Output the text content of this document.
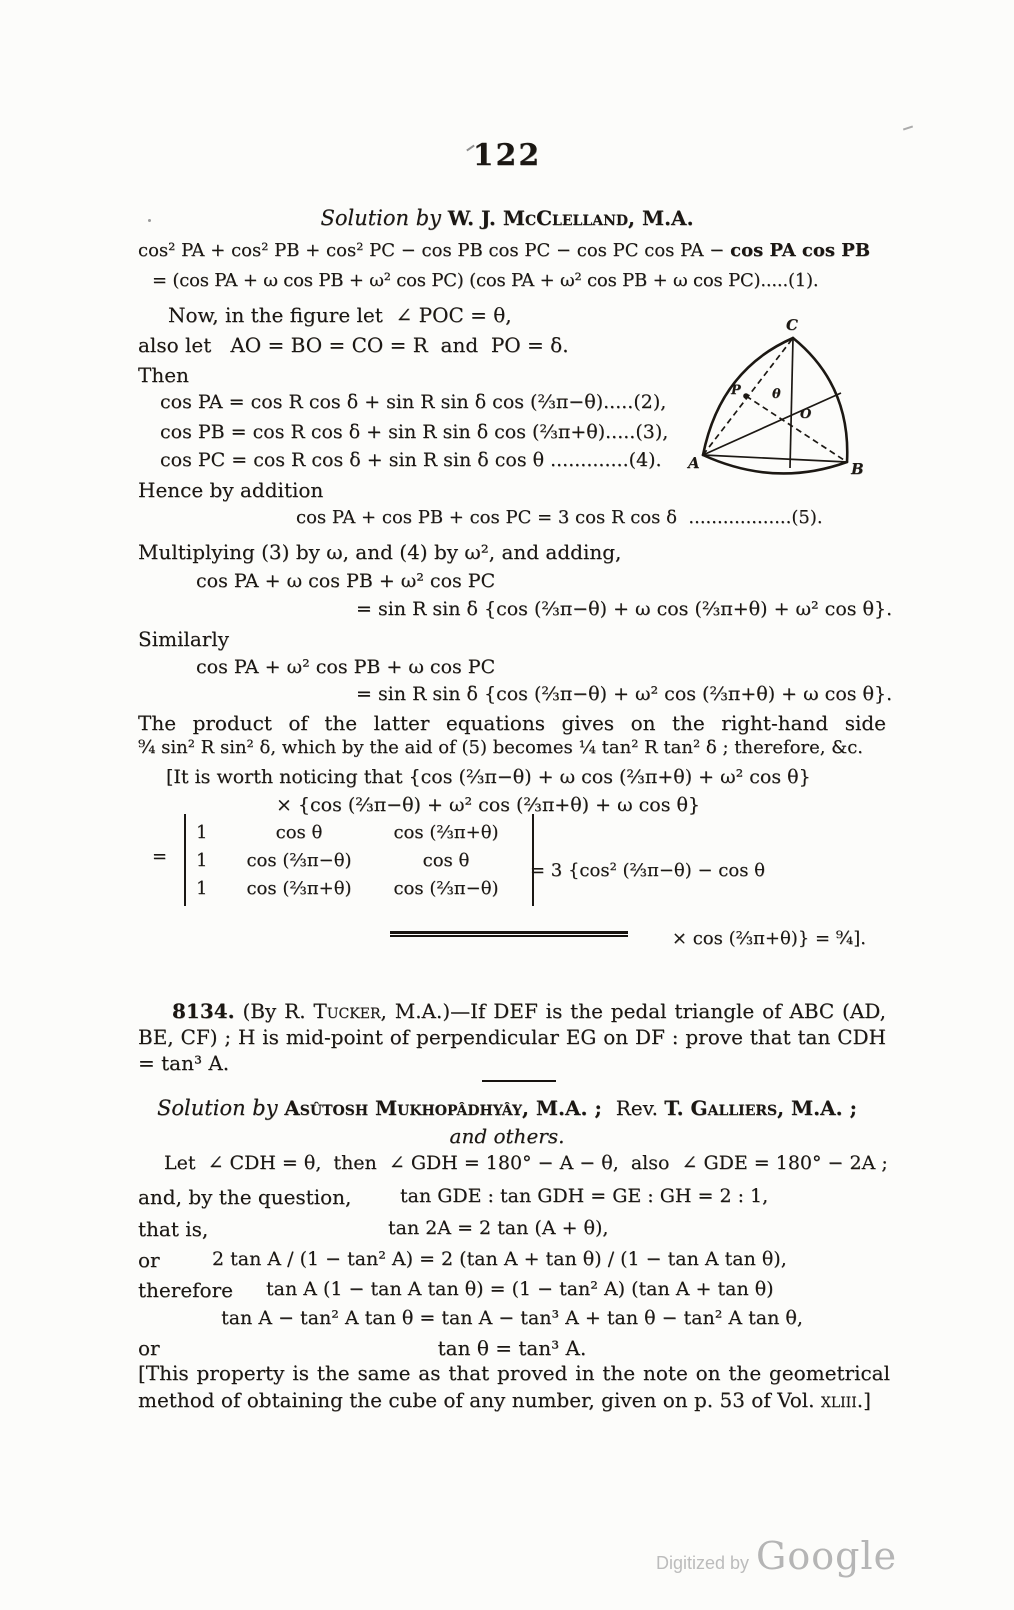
122
Solution by W. J. McClelland, M.A.
cos² PA + cos² PB + cos² PC − cos PB cos PC − cos PC cos PA − cos PA cos PB
= (cos PA + ω cos PB + ω² cos PC) (cos PA + ω² cos PB + ω cos PC).....(1).
Now, in the figure let  ∠ POC = θ,
also let   AO = BO = CO = R  and  PO = δ.
Then
cos PA = cos R cos δ + sin R sin δ cos (⅔π−θ).....(2),
cos PB = cos R cos δ + sin R sin δ cos (⅔π+θ).....(3),
cos PC = cos R cos δ + sin R sin δ cos θ .............(4).
Hence by addition
cos PA + cos PB + cos PC = 3 cos R cos δ  ..................(5).
Multiplying (3) by ω, and (4) by ω², and adding,
cos PA + ω cos PB + ω² cos PC
= sin R sin δ {cos (⅔π−θ) + ω cos (⅔π+θ) + ω² cos θ}.
Similarly
cos PA + ω² cos PB + ω cos PC
= sin R sin δ {cos (⅔π−θ) + ω² cos (⅔π+θ) + ω cos θ}.
The product of the latter equations gives on the right-hand side
⁹⁄₄ sin² R sin² δ, which by the aid of (5) becomes ¼ tan² R tan² δ ; therefore, &c.
[It is worth noticing that {cos (⅔π−θ) + ω cos (⅔π+θ) + ω² cos θ}
× {cos (⅔π−θ) + ω² cos (⅔π+θ) + ω cos θ}
=
1	cos θ	cos (⅔π+θ)
1	cos (⅔π−θ)	cos θ
1	cos (⅔π+θ)	cos (⅔π−θ)

= 3 {cos² (⅔π−θ) − cos θ

× cos (⅔π+θ)} = ⁹⁄₄].

C
A	B
P
O
θ
8134. (By R. Tucker, M.A.)—If DEF is the pedal triangle of ABC (AD, BE, CF) ; H is mid-point of perpendicular EG on DF : prove that tan CDH = tan³ A.
Solution by Asûtosh Mukhopâdhyây, M.A. ;  Rev. T. Galliers, M.A. ;
and others.
Let  ∠ CDH = θ,  then  ∠ GDH = 180° − A − θ,  also  ∠ GDE = 180° − 2A ;
and, by the question,	tan GDE : tan GDH = GE : GH = 2 : 1,
that is,	tan 2A = 2 tan (A + θ),
or	2 tan A / (1 − tan² A) = 2 (tan A + tan θ) / (1 − tan A tan θ),
therefore tan A (1 − tan A tan θ) = (1 − tan² A) (tan A + tan θ)
tan A − tan² A tan θ = tan A − tan³ A + tan θ − tan² A tan θ,
or	tan θ = tan³ A.
[This property is the same as that proved in the note on the geometrical method of obtaining the cube of any number, given on p. 53 of Vol. xliii.]
Digitized by Google
